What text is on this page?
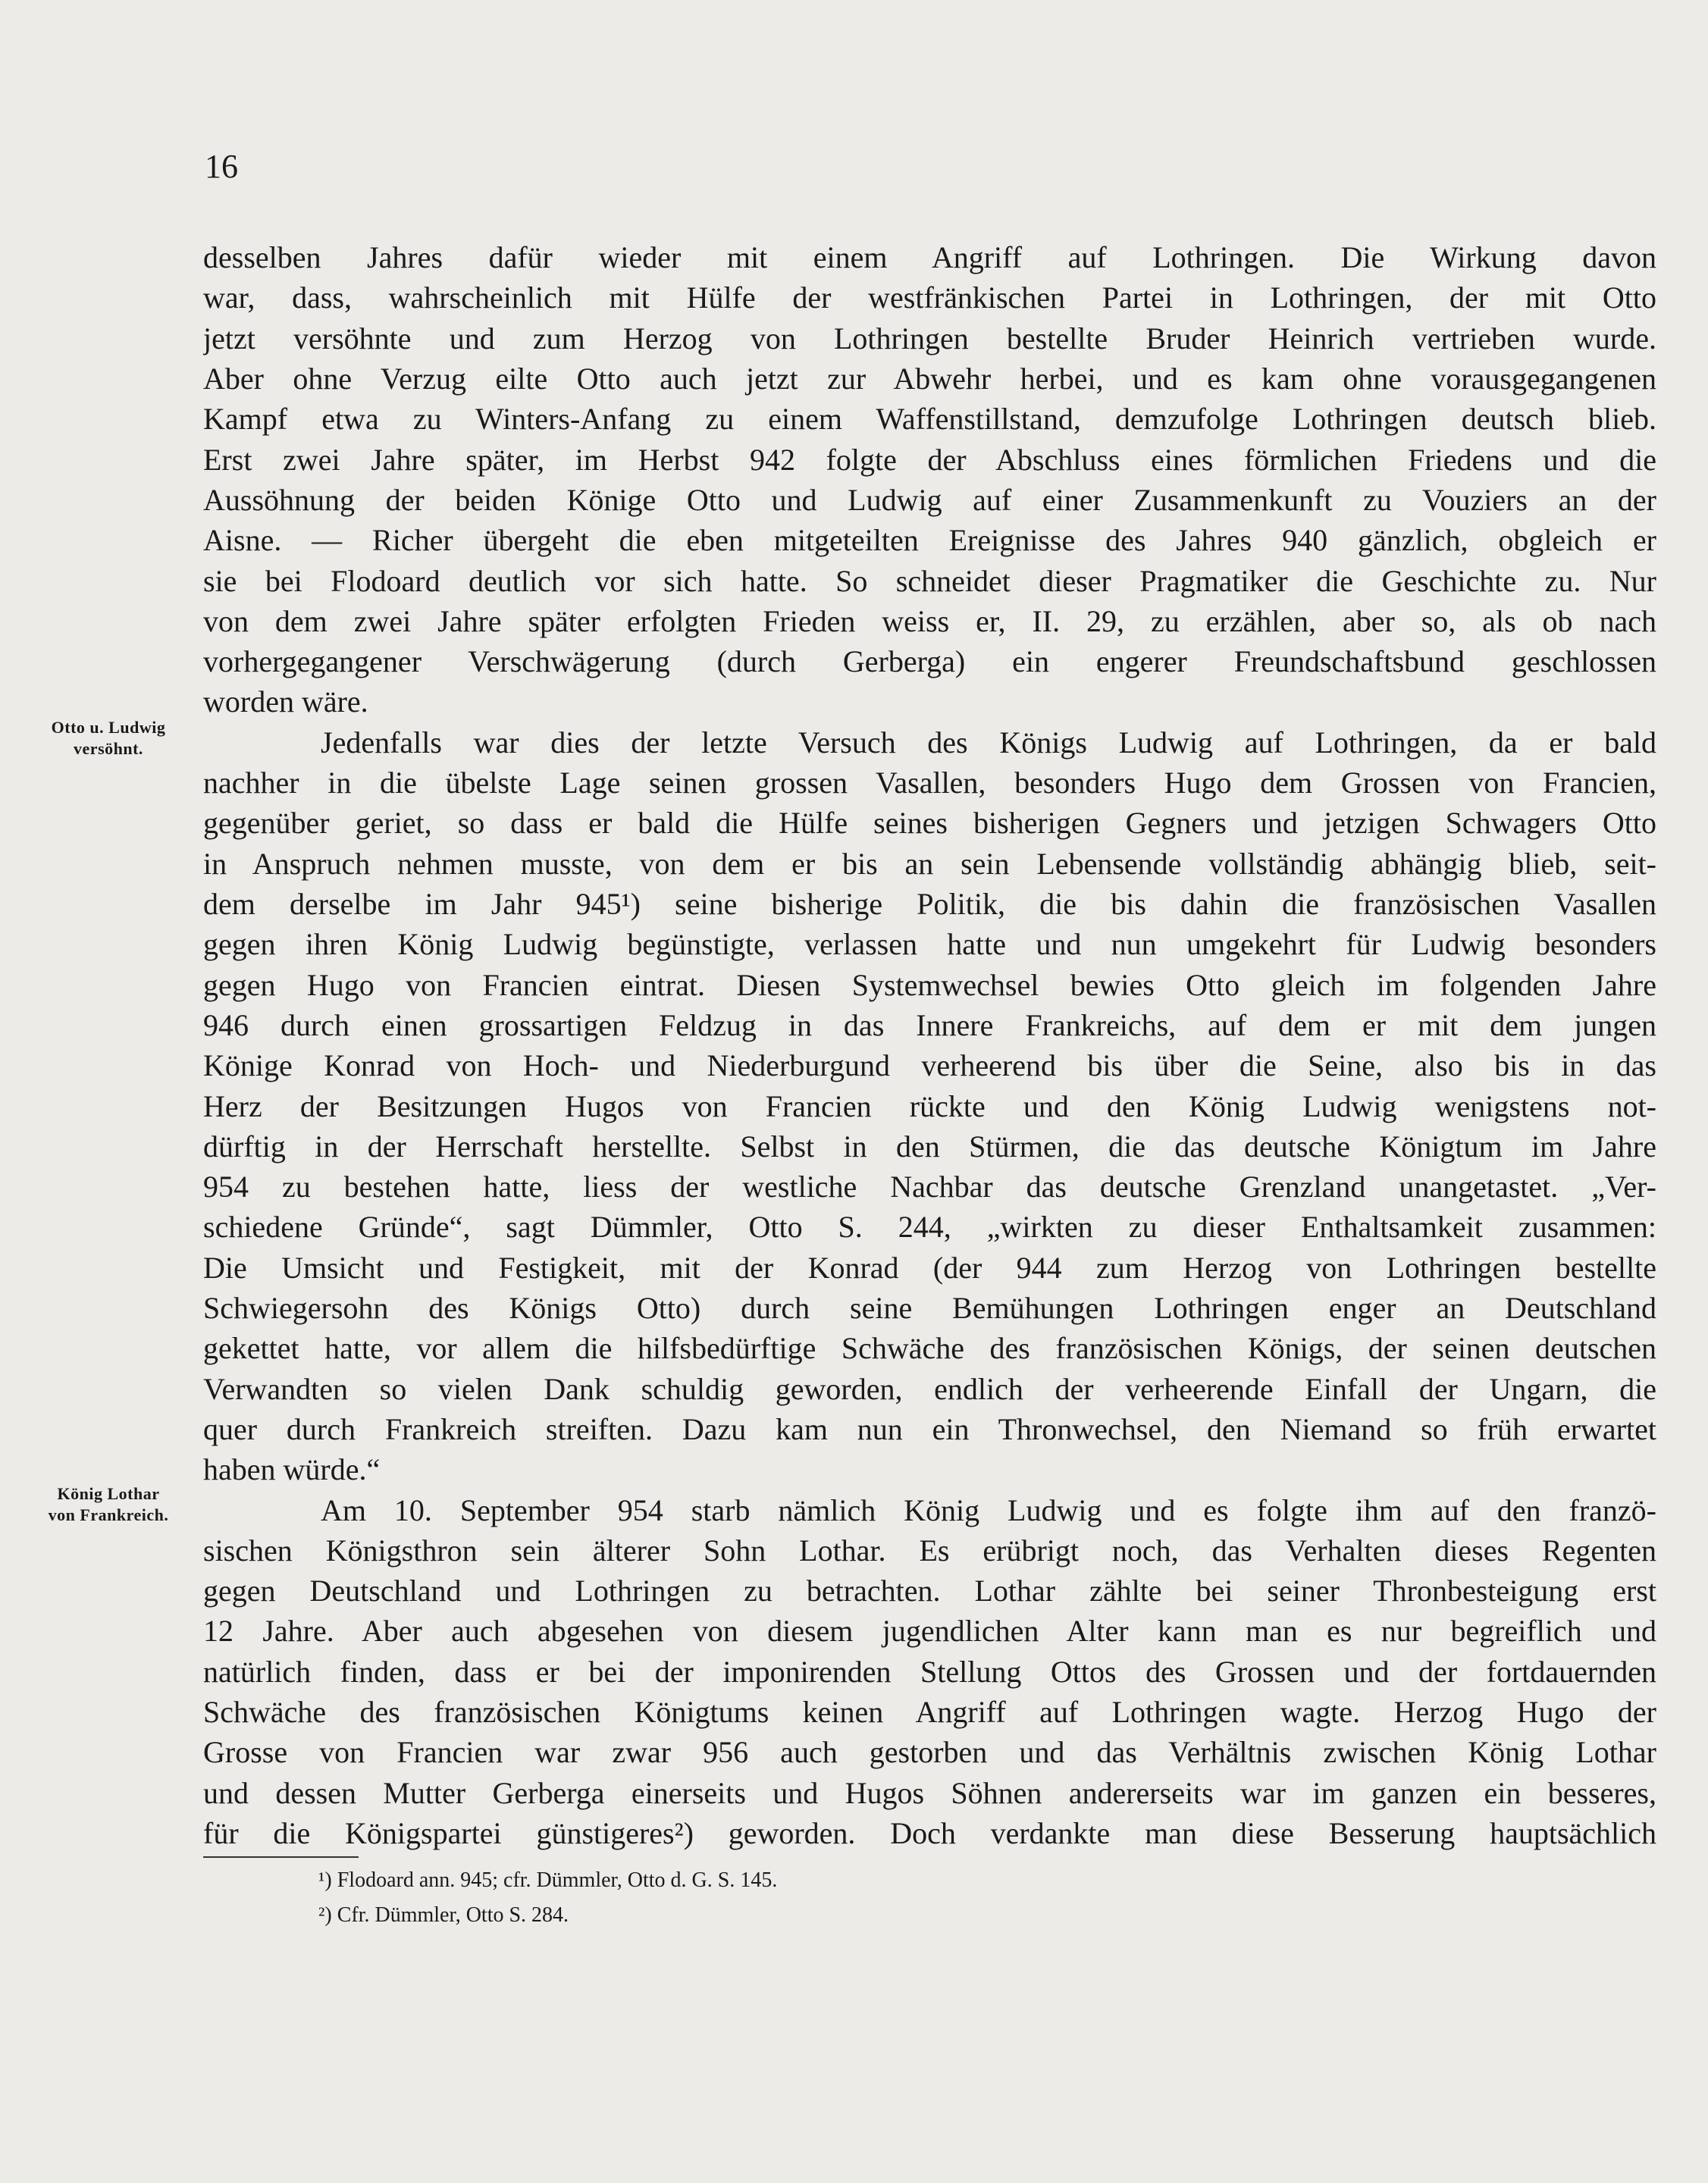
16
Otto u. Ludwig
versöhnt.
König Lothar
von Frankreich.
desselben Jahres dafür wieder mit einem Angriff auf Lothringen. Die Wirkung davon
war, dass, wahrscheinlich mit Hülfe der westfränkischen Partei in Lothringen, der mit Otto
jetzt versöhnte und zum Herzog von Lothringen bestellte Bruder Heinrich vertrieben wurde.
Aber ohne Verzug eilte Otto auch jetzt zur Abwehr herbei, und es kam ohne vorausgegangenen
Kampf etwa zu Winters-Anfang zu einem Waffenstillstand, demzufolge Lothringen deutsch blieb.
Erst zwei Jahre später, im Herbst 942 folgte der Abschluss eines förmlichen Friedens und die
Aussöhnung der beiden Könige Otto und Ludwig auf einer Zusammenkunft zu Vouziers an der
Aisne. — Richer übergeht die eben mitgeteilten Ereignisse des Jahres 940 gänzlich, obgleich er
sie bei Flodoard deutlich vor sich hatte. So schneidet dieser Pragmatiker die Geschichte zu. Nur
von dem zwei Jahre später erfolgten Frieden weiss er, II. 29, zu erzählen, aber so, als ob nach
vorhergegangener Verschwägerung (durch Gerberga) ein engerer Freundschaftsbund geschlossen
worden wäre.
Jedenfalls war dies der letzte Versuch des Königs Ludwig auf Lothringen, da er bald
nachher in die übelste Lage seinen grossen Vasallen, besonders Hugo dem Grossen von Francien,
gegenüber geriet, so dass er bald die Hülfe seines bisherigen Gegners und jetzigen Schwagers Otto
in Anspruch nehmen musste, von dem er bis an sein Lebensende vollständig abhängig blieb, seit-
dem derselbe im Jahr 945¹) seine bisherige Politik, die bis dahin die französischen Vasallen
gegen ihren König Ludwig begünstigte, verlassen hatte und nun umgekehrt für Ludwig besonders
gegen Hugo von Francien eintrat. Diesen Systemwechsel bewies Otto gleich im folgenden Jahre
946 durch einen grossartigen Feldzug in das Innere Frankreichs, auf dem er mit dem jungen
Könige Konrad von Hoch- und Niederburgund verheerend bis über die Seine, also bis in das
Herz der Besitzungen Hugos von Francien rückte und den König Ludwig wenigstens not-
dürftig in der Herrschaft herstellte. Selbst in den Stürmen, die das deutsche Königtum im Jahre
954 zu bestehen hatte, liess der westliche Nachbar das deutsche Grenzland unangetastet. „Ver-
schiedene Gründe“, sagt Dümmler, Otto S. 244, „wirkten zu dieser Enthaltsamkeit zusammen:
Die Umsicht und Festigkeit, mit der Konrad (der 944 zum Herzog von Lothringen bestellte
Schwiegersohn des Königs Otto) durch seine Bemühungen Lothringen enger an Deutschland
gekettet hatte, vor allem die hilfsbedürftige Schwäche des französischen Königs, der seinen deutschen
Verwandten so vielen Dank schuldig geworden, endlich der verheerende Einfall der Ungarn, die
quer durch Frankreich streiften. Dazu kam nun ein Thronwechsel, den Niemand so früh erwartet
haben würde.“
Am 10. September 954 starb nämlich König Ludwig und es folgte ihm auf den franzö-
sischen Königsthron sein älterer Sohn Lothar. Es erübrigt noch, das Verhalten dieses Regenten
gegen Deutschland und Lothringen zu betrachten. Lothar zählte bei seiner Thronbesteigung erst
12 Jahre. Aber auch abgesehen von diesem jugendlichen Alter kann man es nur begreiflich und
natürlich finden, dass er bei der imponirenden Stellung Ottos des Grossen und der fortdauernden
Schwäche des französischen Königtums keinen Angriff auf Lothringen wagte. Herzog Hugo der
Grosse von Francien war zwar 956 auch gestorben und das Verhältnis zwischen König Lothar
und dessen Mutter Gerberga einerseits und Hugos Söhnen andererseits war im ganzen ein besseres,
für die Königspartei günstigeres²) geworden. Doch verdankte man diese Besserung hauptsächlich
¹) Flodoard ann. 945; cfr. Dümmler, Otto d. G. S. 145.
²) Cfr. Dümmler, Otto S. 284.
